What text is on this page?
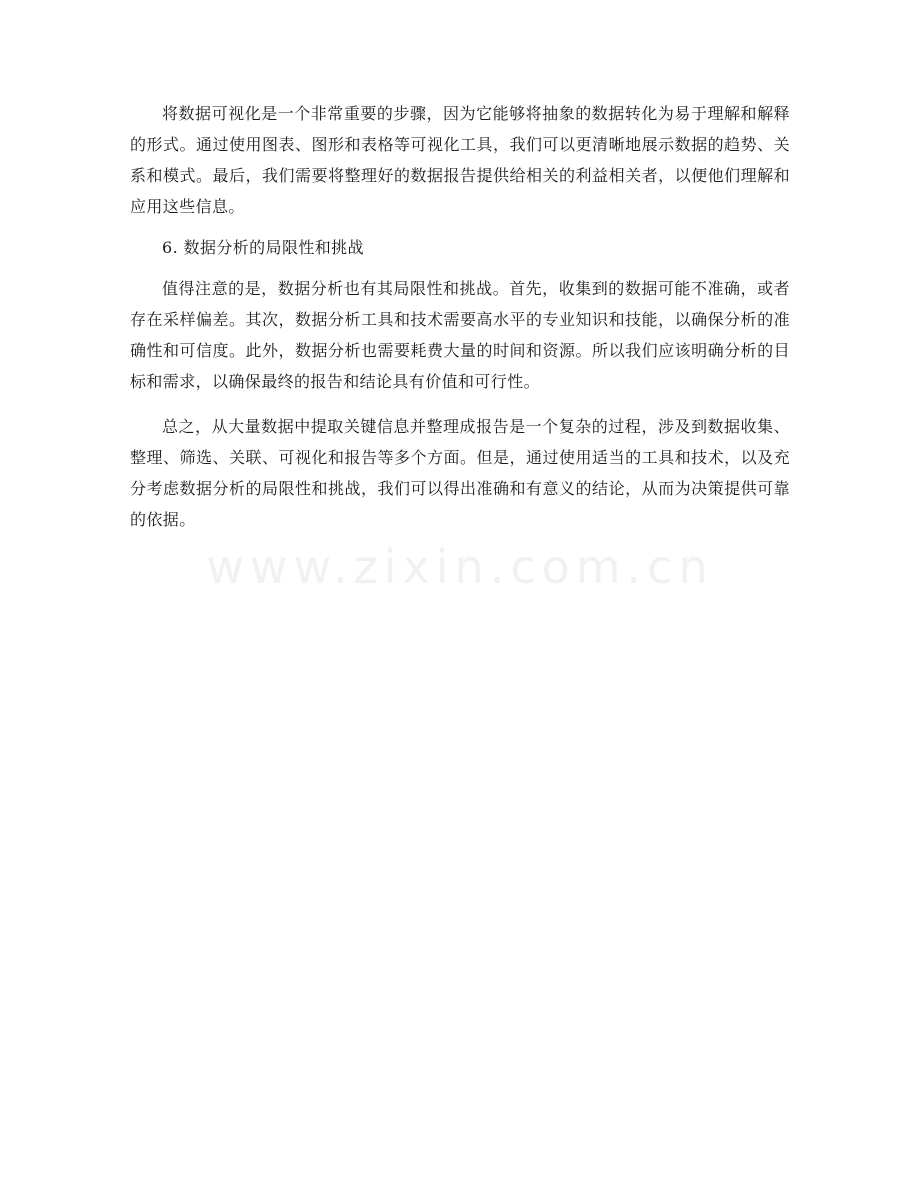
将数据可视化是一个非常重要的步骤，因为它能够将抽象的数据转化为易于理解和解释的形式。通过使用图表、图形和表格等可视化工具，我们可以更清晰地展示数据的趋势、关系和模式。最后，我们需要将整理好的数据报告提供给相关的利益相关者，以便他们理解和应用这些信息。

6. 数据分析的局限性和挑战

值得注意的是，数据分析也有其局限性和挑战。首先，收集到的数据可能不准确，或者存在采样偏差。其次，数据分析工具和技术需要高水平的专业知识和技能，以确保分析的准确性和可信度。此外，数据分析也需要耗费大量的时间和资源。所以我们应该明确分析的目标和需求，以确保最终的报告和结论具有价值和可行性。

总之，从大量数据中提取关键信息并整理成报告是一个复杂的过程，涉及到数据收集、整理、筛选、关联、可视化和报告等多个方面。但是，通过使用适当的工具和技术，以及充分考虑数据分析的局限性和挑战，我们可以得出准确和有意义的结论，从而为决策提供可靠的依据。

www.zixin.com.cn
